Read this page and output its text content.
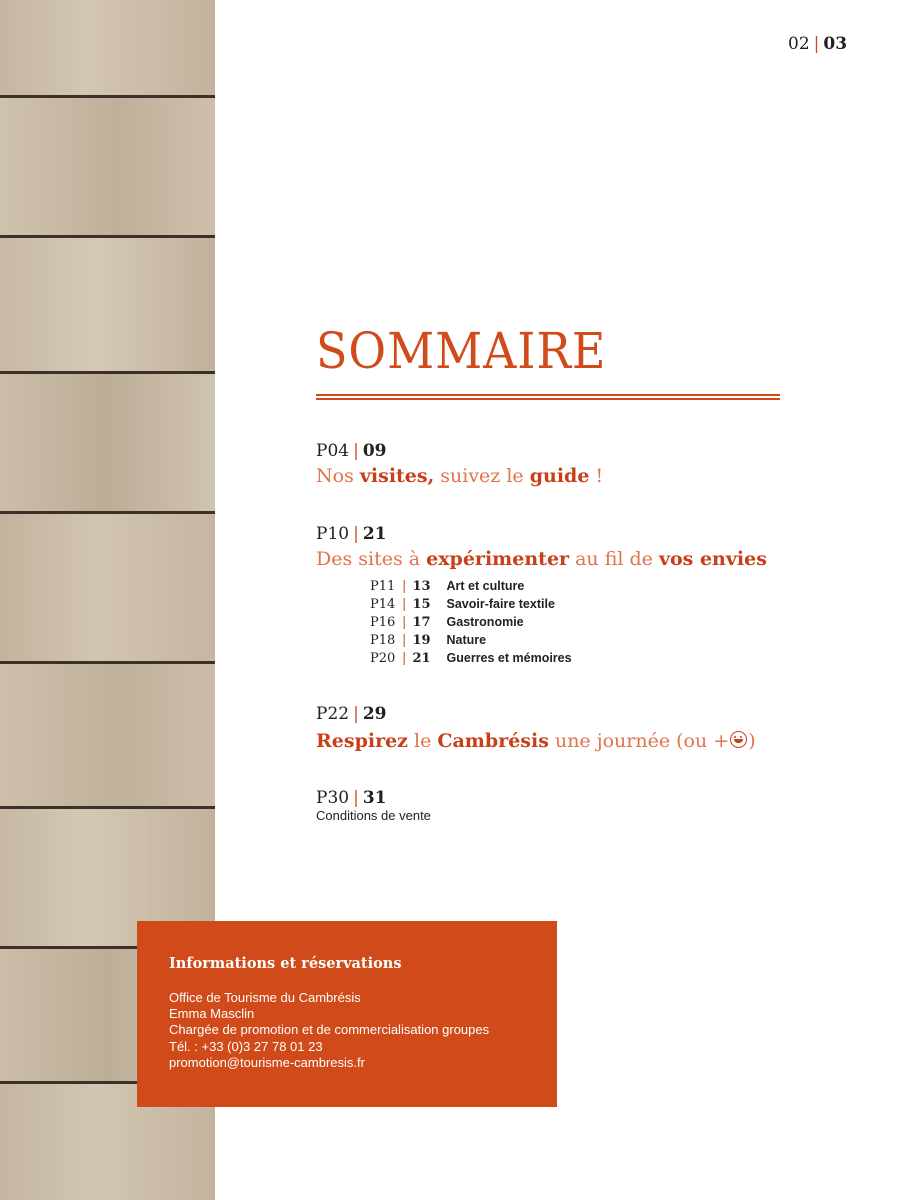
02 | 03
SOMMAIRE
P04 | 09
Nos visites, suivez le guide !
P10 | 21
Des sites à expérimenter au fil de vos envies
P11 | 13 Art et culture
P14 | 15 Savoir-faire textile
P16 | 17 Gastronomie
P18 | 19 Nature
P20 | 21 Guerres et mémoires
P22 | 29
Respirez le Cambrésis une journée (ou + )
P30 | 31
Conditions de vente
Informations et réservations

Office de Tourisme du Cambrésis

Emma Masclin

Chargée de promotion et de commercialisation groupes

Tél. : +33 (0)3 27 78 01 23

promotion@tourisme-cambresis.fr
